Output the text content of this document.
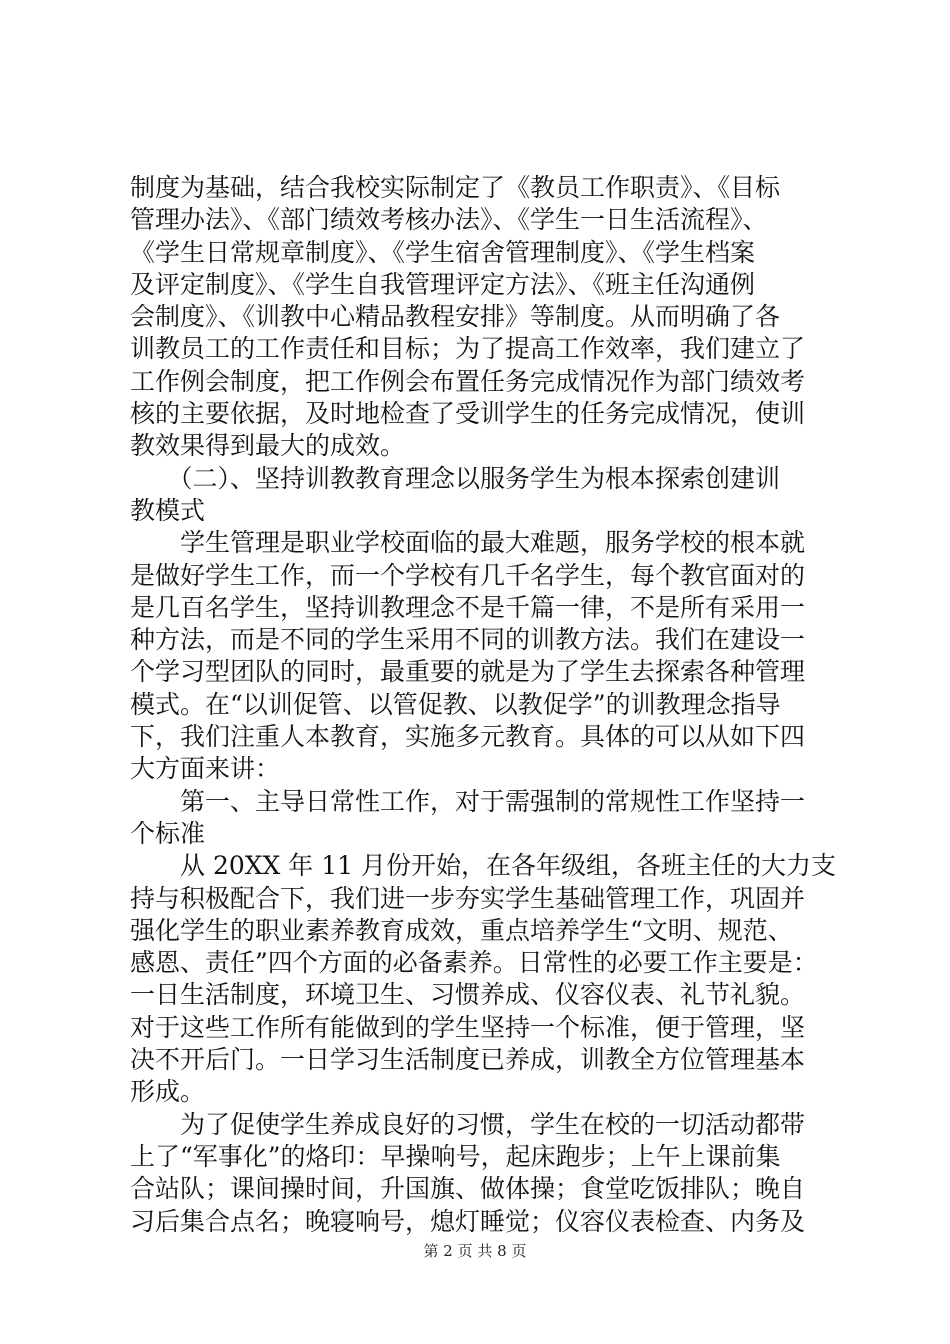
制度为基础，结合我校实际制定了《教员工作职责》、《目标
管理办法》、《部门绩效考核办法》、《学生一日生活流程》、
《学生日常规章制度》、《学生宿舍管理制度》、《学生档案
及评定制度》、《学生自我管理评定方法》、《班主任沟通例
会制度》、《训教中心精品教程安排》等制度。从而明确了各
训教员工的工作责任和目标；为了提高工作效率，我们建立了
工作例会制度，把工作例会布置任务完成情况作为部门绩效考
核的主要依据，及时地检查了受训学生的任务完成情况，使训
教效果得到最大的成效。
　　（二）、坚持训教教育理念以服务学生为根本探索创建训
教模式
　　学生管理是职业学校面临的最大难题，服务学校的根本就
是做好学生工作，而一个学校有几千名学生，每个教官面对的
是几百名学生，坚持训教理念不是千篇一律，不是所有采用一
种方法，而是不同的学生采用不同的训教方法。我们在建设一
个学习型团队的同时，最重要的就是为了学生去探索各种管理
模式。在“以训促管、以管促教、以教促学”的训教理念指导
下，我们注重人本教育，实施多元教育。具体的可以从如下四
大方面来讲：
　　第一、主导日常性工作，对于需强制的常规性工作坚持一
个标准
　　从 20XX 年 11 月份开始，在各年级组，各班主任的大力支
持与积极配合下，我们进一步夯实学生基础管理工作，巩固并
强化学生的职业素养教育成效，重点培养学生“文明、规范、
感恩、责任”四个方面的必备素养。日常性的必要工作主要是：
一日生活制度，环境卫生、习惯养成、仪容仪表、礼节礼貌。
对于这些工作所有能做到的学生坚持一个标准，便于管理，坚
决不开后门。一日学习生活制度已养成，训教全方位管理基本
形成。
　　为了促使学生养成良好的习惯，学生在校的一切活动都带
上了“军事化”的烙印：早操响号，起床跑步；上午上课前集
合站队；课间操时间，升国旗、做体操；食堂吃饭排队；晚自
习后集合点名；晚寝响号，熄灯睡觉；仪容仪表检查、内务及
第 2 页 共 8 页
